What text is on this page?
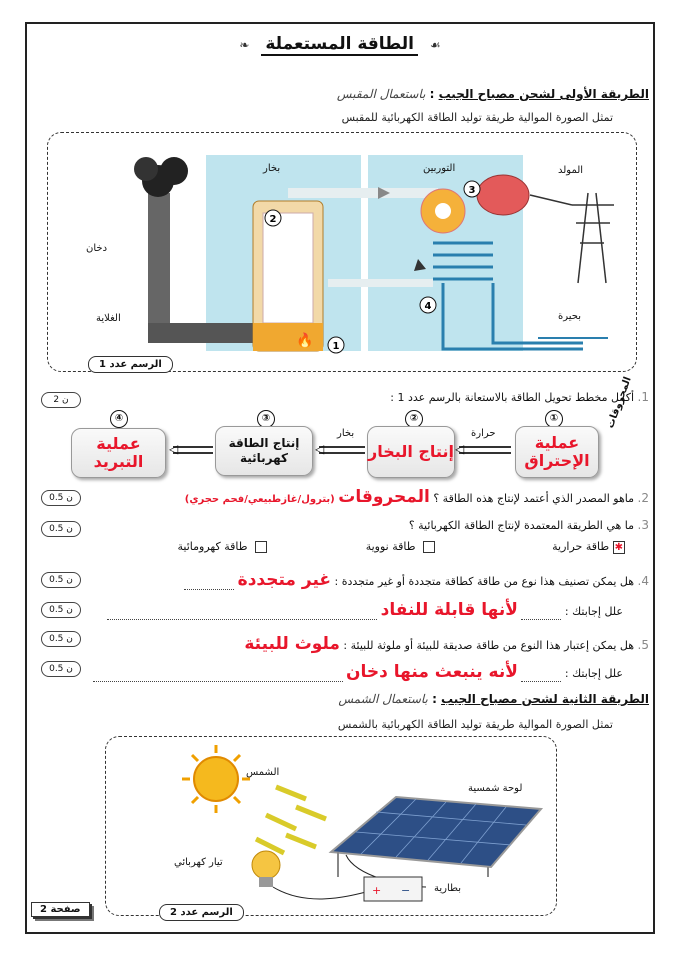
❧ الطاقة المستعملة ☙
الطريقة الأولى لشحن مصباح الجيب : باستعمال المقبس
تمثل الصورة الموالية طريقة توليد الطاقة الكهربائية للمقبس
🔥
2
1
3
4
بخار	التوربين	المولد
دخان
الغلاية	بحيرة
الرسم عدد 1
1. أكمل مخطط تحويل الطاقة بالاستعانة بالرسم عدد 1 :
2 ن
①
②
③
④
عملية الإحتراق
إنتاج البخار
إنتاج الطاقة كهربائية
عملية التبريد
◁
حرارة
◁
بخار
◁
المحروقات
2. ماهو المصدر الذي أعتمد لإنتاج هذه الطاقة ؟ المحروقات (بترول/غازطبيعي/فحم حجري)
0.5 ن
3. ما هي الطريقة المعتمدة لإنتاج الطاقة الكهربائية ؟
0.5 ن
✱ طاقة حرارية
طاقة نووية
طاقة كهرومائية
4. هل يمكن تصنيف هذا نوع من طاقة كطاقة متجددة أو غير متجددة : غير متجددة
0.5 ن
علل إجابتك :  لأنها قابلة للنفاد
0.5 ن
5. هل يمكن إعتبار هذا النوع من طاقة صديقة للبيئة أو ملوثة للبيئة : ملوث للبيئة
0.5 ن
علل إجابتك :  لأنه ينبعث منها دخان
0.5 ن
الطريقة الثانية لشحن مصباح الجيب : باستعمال الشمس
تمثل الصورة الموالية طريقة توليد الطاقة الكهربائية بالشمس
+ −
الشمس
لوحة شمسية
تيار كهربائي
بطارية
الرسم عدد 2
صفحة 2
